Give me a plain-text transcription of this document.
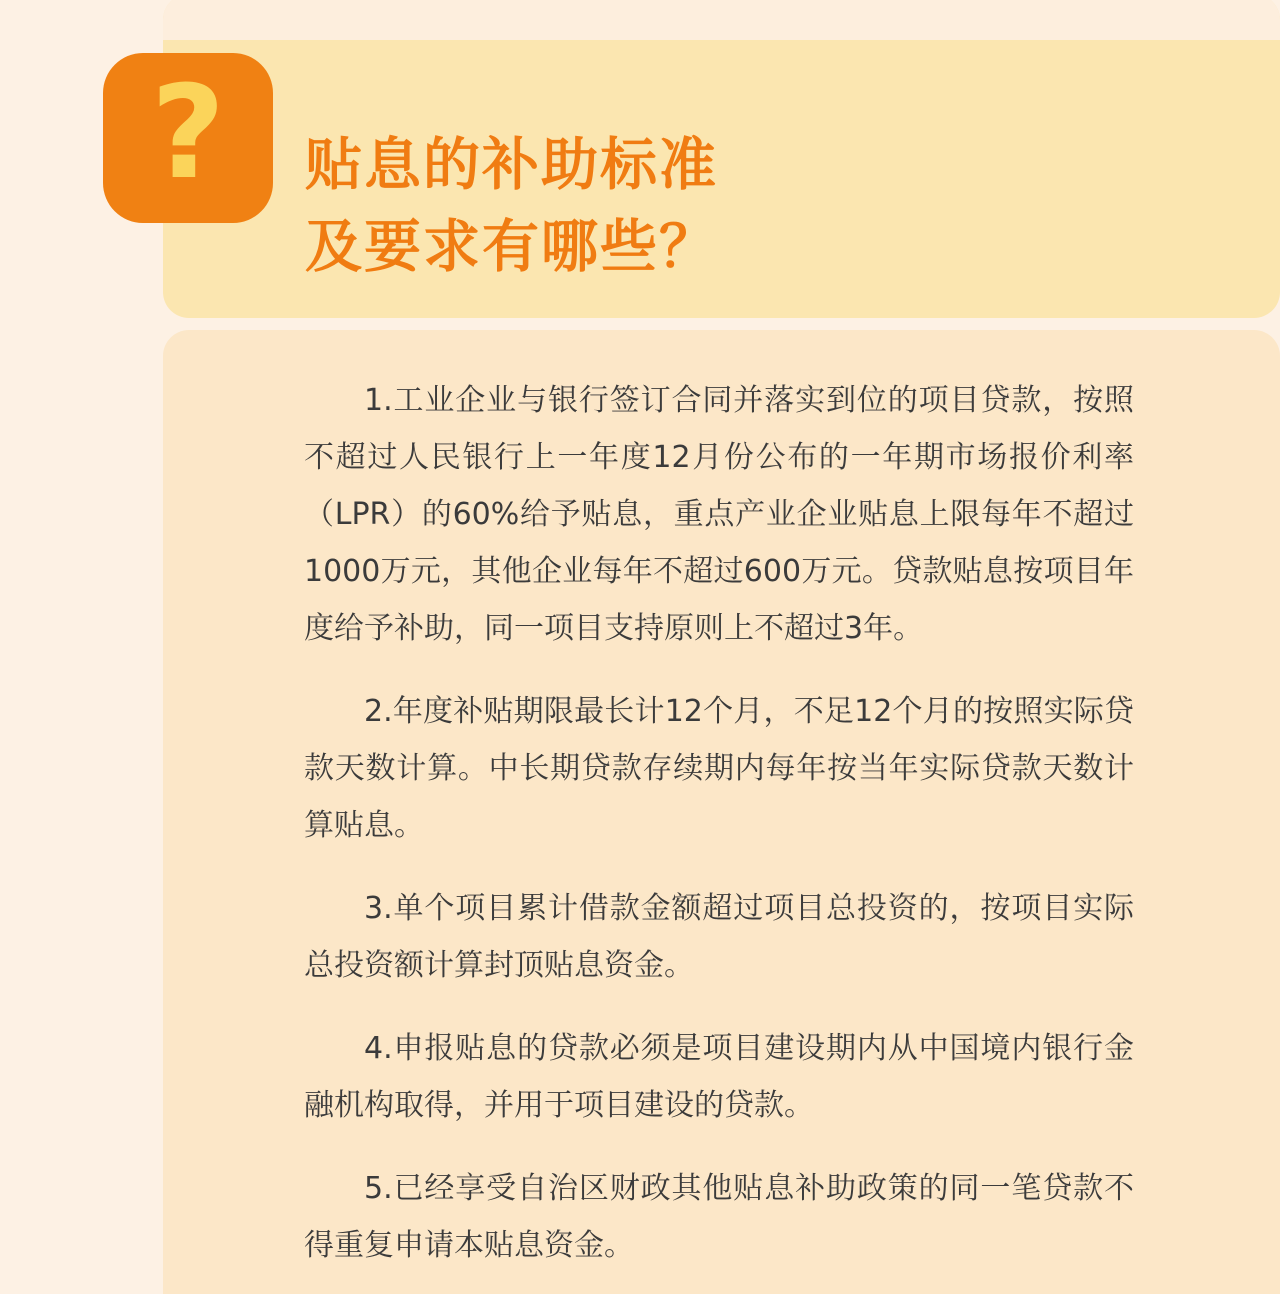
?	贴息的补助标准
及要求有哪些？

1.工业企业与银行签订合同并落实到位的项目贷款，按照不超过人民银行上一年度12月份公布的一年期市场报价利率（LPR）的60%给予贴息，重点产业企业贴息上限每年不超过1000万元，其他企业每年不超过600万元。贷款贴息按项目年度给予补助，同一项目支持原则上不超过3年。

2.年度补贴期限最长计12个月，不足12个月的按照实际贷款天数计算。中长期贷款存续期内每年按当年实际贷款天数计算贴息。

3.单个项目累计借款金额超过项目总投资的，按项目实际总投资额计算封顶贴息资金。

4.申报贴息的贷款必须是项目建设期内从中国境内银行金融机构取得，并用于项目建设的贷款。

5.已经享受自治区财政其他贴息补助政策的同一笔贷款不得重复申请本贴息资金。
